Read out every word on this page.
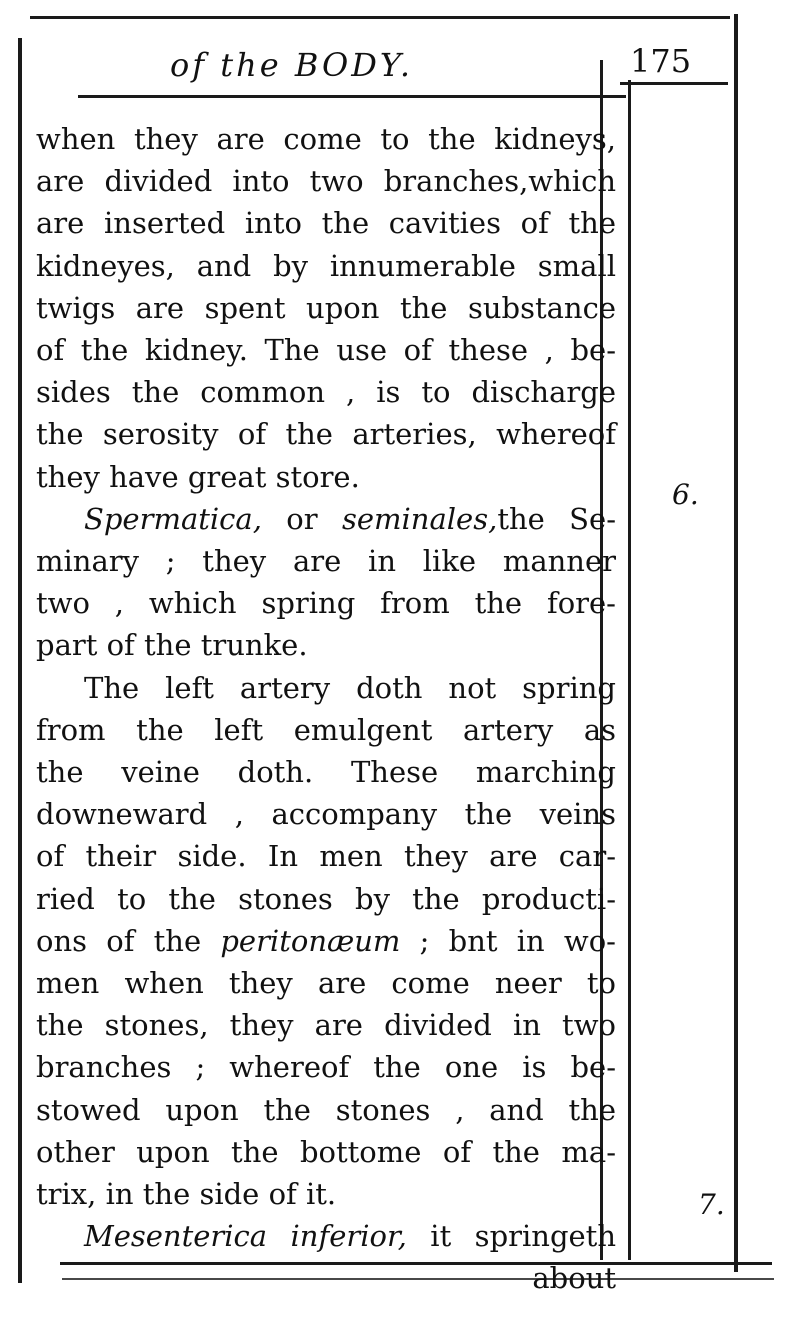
of the BODY.	175
when they are come to the kidneys,
are divided into two branches,which
are inserted into the cavities of the
kidneyes, and by innumerable small
twigs are spent upon the substance
of the kidney. The use of these , be-
sides the common , is to discharge
the serosity of the arteries, whereof
they have great store.
Spermatica, or seminales,the Se-
minary ; they are in like manner
two , which spring from the fore-
part of the trunke.
The left artery doth not spring
from the left emulgent artery as
the veine doth. These marching
downeward , accompany the veins
of their side. In men they are car-
ried to the stones by the producti-
ons of the peritonæum ; bnt in wo-
men when they are come neer to
the stones, they are divided in two
branches ; whereof the one is be-
stowed upon the stones , and the
other upon the bottome of the ma-
trix, in the side of it.
Mesenterica inferior, it springeth
about
6.
7.
